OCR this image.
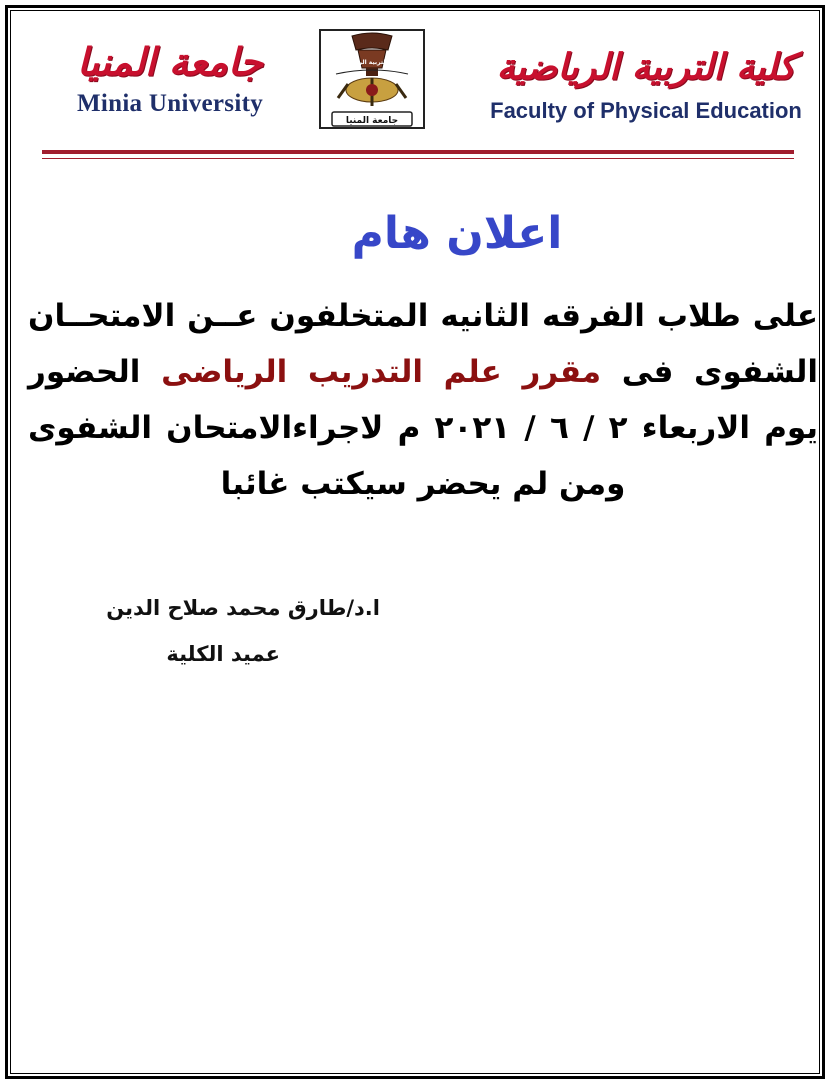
جامعة المنيا
Minia University
كلية التربية الرياضية
جامعة المنيا
كلية التربية الرياضية
Faculty of Physical Education
اعلان هام
على طلاب الفرقه الثانيه المتخلفون عــن الامتحــان الشفوى فى مقرر علم التدريب الرياضى الحضور يوم الاربعاء ٢ / ٦ / ٢٠٢١ م لاجراءالامتحان الشفوى ومن لم يحضر سيكتب غائبا
ا.د/طارق محمد صلاح الدين
عميد الكلية
